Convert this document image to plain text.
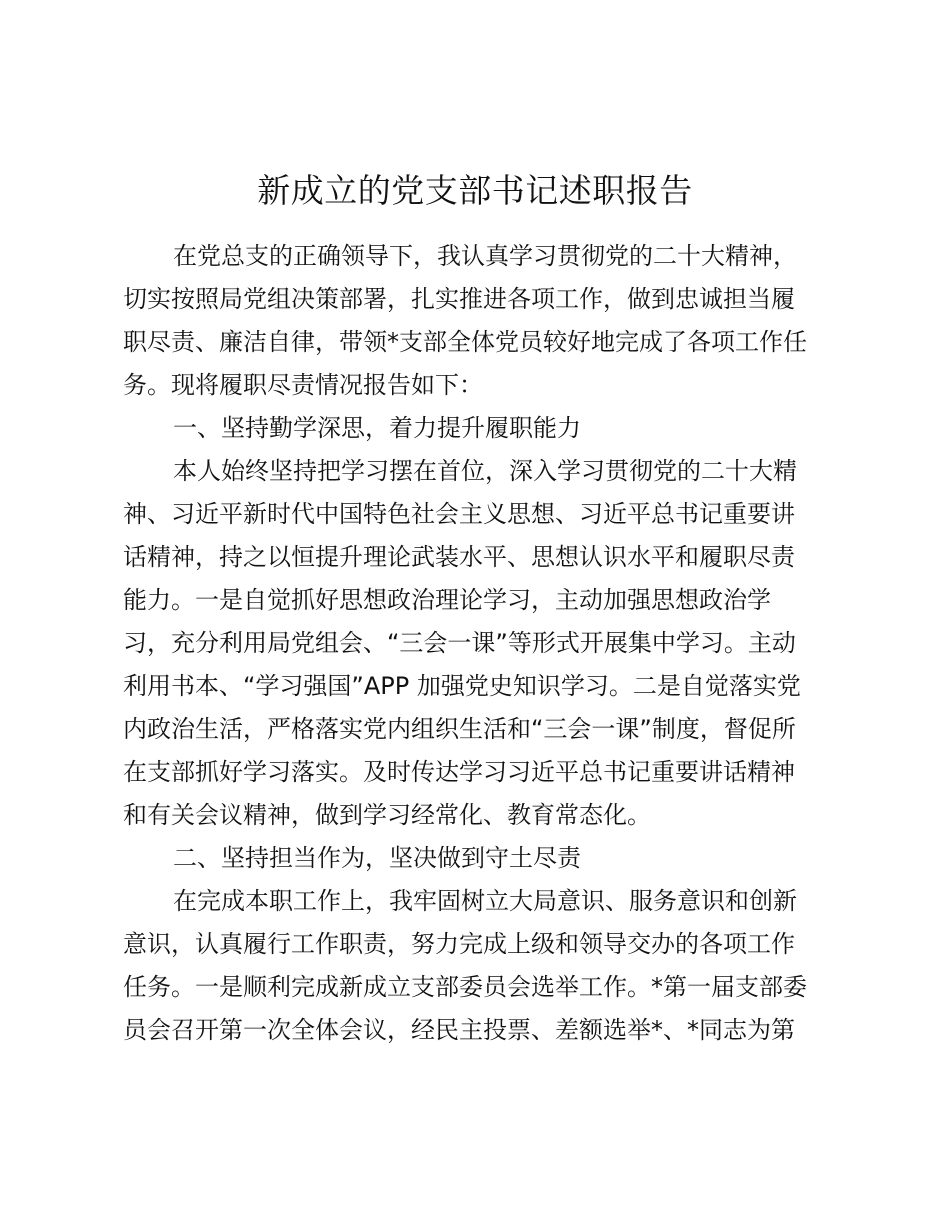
新成立的党支部书记述职报告
在党总支的正确领导下，我认真学习贯彻党的二十大精神，
切实按照局党组决策部署，扎实推进各项工作，做到忠诚担当履
职尽责、廉洁自律，带领*支部全体党员较好地完成了各项工作任
务。现将履职尽责情况报告如下：
一、坚持勤学深思，着力提升履职能力
本人始终坚持把学习摆在首位，深入学习贯彻党的二十大精
神、习近平新时代中国特色社会主义思想、习近平总书记重要讲
话精神，持之以恒提升理论武装水平、思想认识水平和履职尽责
能力。一是自觉抓好思想政治理论学习，主动加强思想政治学
习，充分利用局党组会、“三会一课”等形式开展集中学习。主动
利用书本、“学习强国”APP 加强党史知识学习。二是自觉落实党
内政治生活，严格落实党内组织生活和“三会一课”制度，督促所
在支部抓好学习落实。及时传达学习习近平总书记重要讲话精神
和有关会议精神，做到学习经常化、教育常态化。
二、坚持担当作为，坚决做到守土尽责
在完成本职工作上，我牢固树立大局意识、服务意识和创新
意识，认真履行工作职责，努力完成上级和领导交办的各项工作
任务。一是顺利完成新成立支部委员会选举工作。*第一届支部委
员会召开第一次全体会议，经民主投票、差额选举*、*同志为第
